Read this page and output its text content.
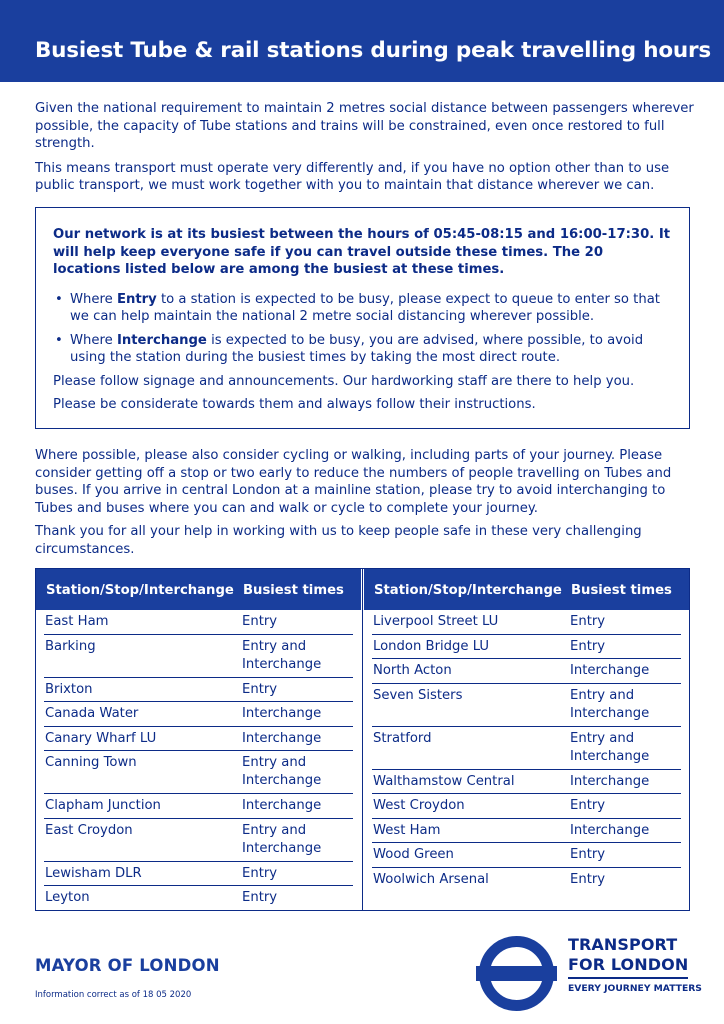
Busiest Tube & rail stations during peak travelling hours

Given the national requirement to maintain 2 metres social distance between passengers wherever possible, the capacity of Tube stations and trains will be constrained, even once restored to full strength.

This means transport must operate very differently and, if you have no option other than to use public transport, we must work together with you to maintain that distance wherever we can.

Our network is at its busiest between the hours of 05:45-08:15 and 16:00-17:30. It will help keep everyone safe if you can travel outside these times. The 20 locations listed below are among the busiest at these times.

• Where Entry to a station is expected to be busy, please expect to queue to enter so that we can help maintain the national 2 metre social distancing wherever possible.
• Where Interchange is expected to be busy, you are advised, where possible, to avoid using the station during the busiest times by taking the most direct route.

Please follow signage and announcements. Our hardworking staff are there to help you.

Please be considerate towards them and always follow their instructions.

Where possible, please also consider cycling or walking, including parts of your journey. Please consider getting off a stop or two early to reduce the numbers of people travelling on Tubes and buses. If you arrive in central London at a mainline station, please try to avoid interchanging to Tubes and buses where you can and walk or cycle to complete your journey.

Thank you for all your help in working with us to keep people safe in these very challenging circumstances.

Station/Stop/Interchange Busiest times
East Ham	Entry
Barking	Entry and Interchange
Brixton	Entry
Canada Water	Interchange
Canary Wharf LU	Interchange
Canning Town	Entry and Interchange
Clapham Junction	Interchange
East Croydon	Entry and Interchange
Lewisham DLR	Entry
Leyton	Entry
Station/Stop/Interchange Busiest times
Liverpool Street LU	Entry
London Bridge LU	Entry
North Acton	Interchange
Seven Sisters	Entry and Interchange
Stratford	Entry and Interchange
Walthamstow Central	Interchange
West Croydon	Entry
West Ham	Interchange
Wood Green	Entry
Woolwich Arsenal	Entry
MAYOR OF LONDON
Information correct as of 18 05 2020
TRANSPORT
FOR LONDON
EVERY JOURNEY MATTERS
